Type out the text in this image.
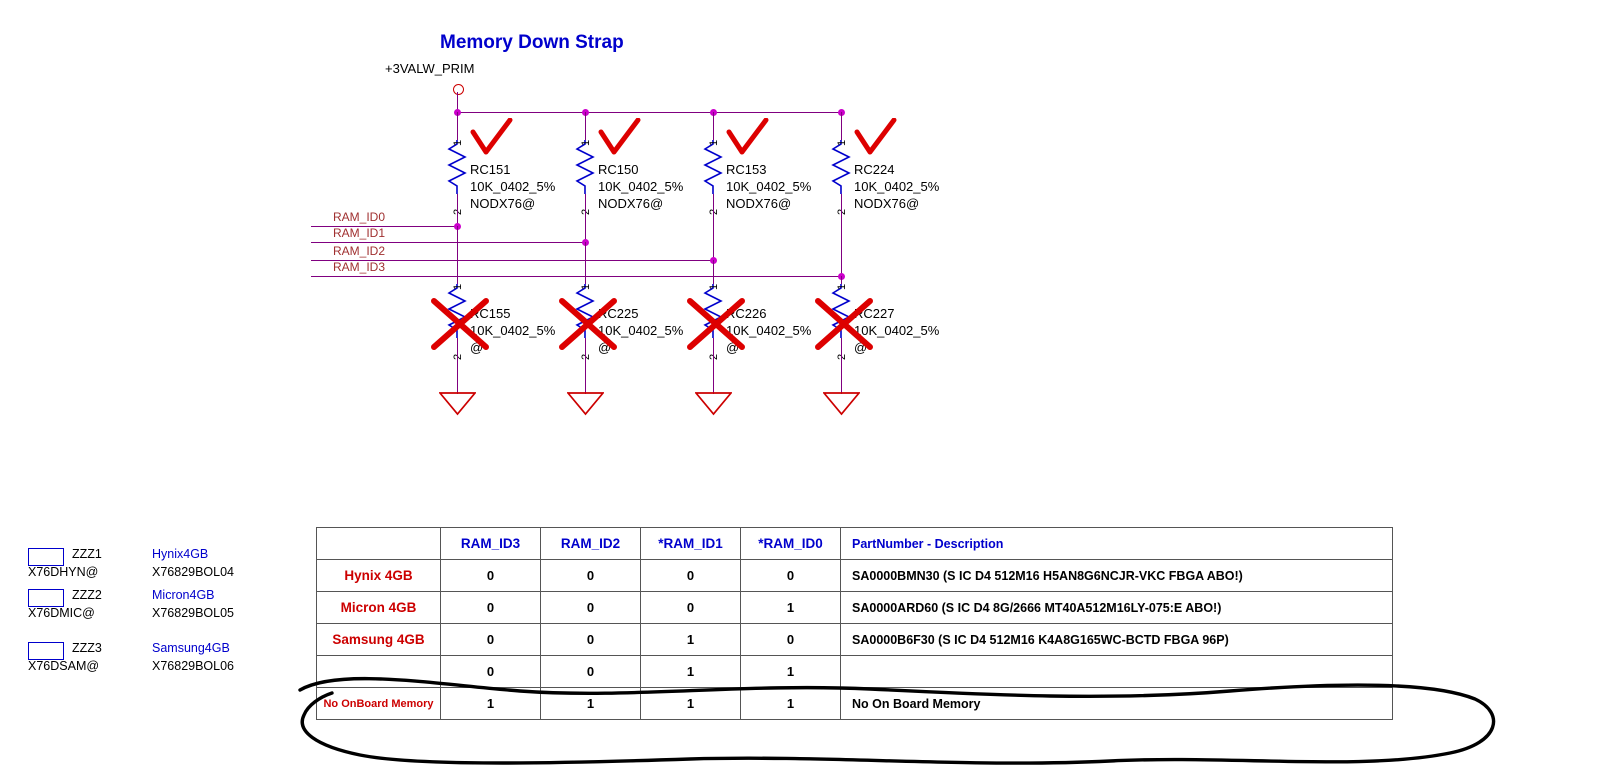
Memory Down Strap
+3VALW_PRIM
1	1	1	1
2	2	2	2
RC151
10K_0402_5%
NODX76@
RC150
10K_0402_5%
NODX76@
RC153
10K_0402_5%
NODX76@
RC224
10K_0402_5%
NODX76@
RAM_ID0
RAM_ID1
RAM_ID2
RAM_ID3
1	1	1	1
2	2	2	2
RC155
10K_0402_5%
@
RC225
10K_0402_5%
@
RC226
10K_0402_5%
@
RC227
10K_0402_5%
@
ZZZ1
X76DHYN@
Hynix4GB
X76829BOL04
ZZZ2
X76DMIC@
Micron4GB
X76829BOL05
ZZZ3
X76DSAM@
Samsung4GB
X76829BOL06
	RAM_ID3	RAM_ID2	*RAM_ID1	*RAM_ID0	PartNumber - Description
Hynix 4GB	0	0	0	0	SA0000BMN30 (S IC D4 512M16 H5AN8G6NCJR-VKC FBGA ABO!)
Micron 4GB	0	0	0	1	SA0000ARD60 (S IC D4 8G/2666 MT40A512M16LY-075:E ABO!)
Samsung 4GB	0	0	1	0	SA0000B6F30 (S IC D4 512M16 K4A8G165WC-BCTD FBGA 96P)
	0	0	1	1	
No OnBoard Memory	1	1	1	1	No On Board Memory
